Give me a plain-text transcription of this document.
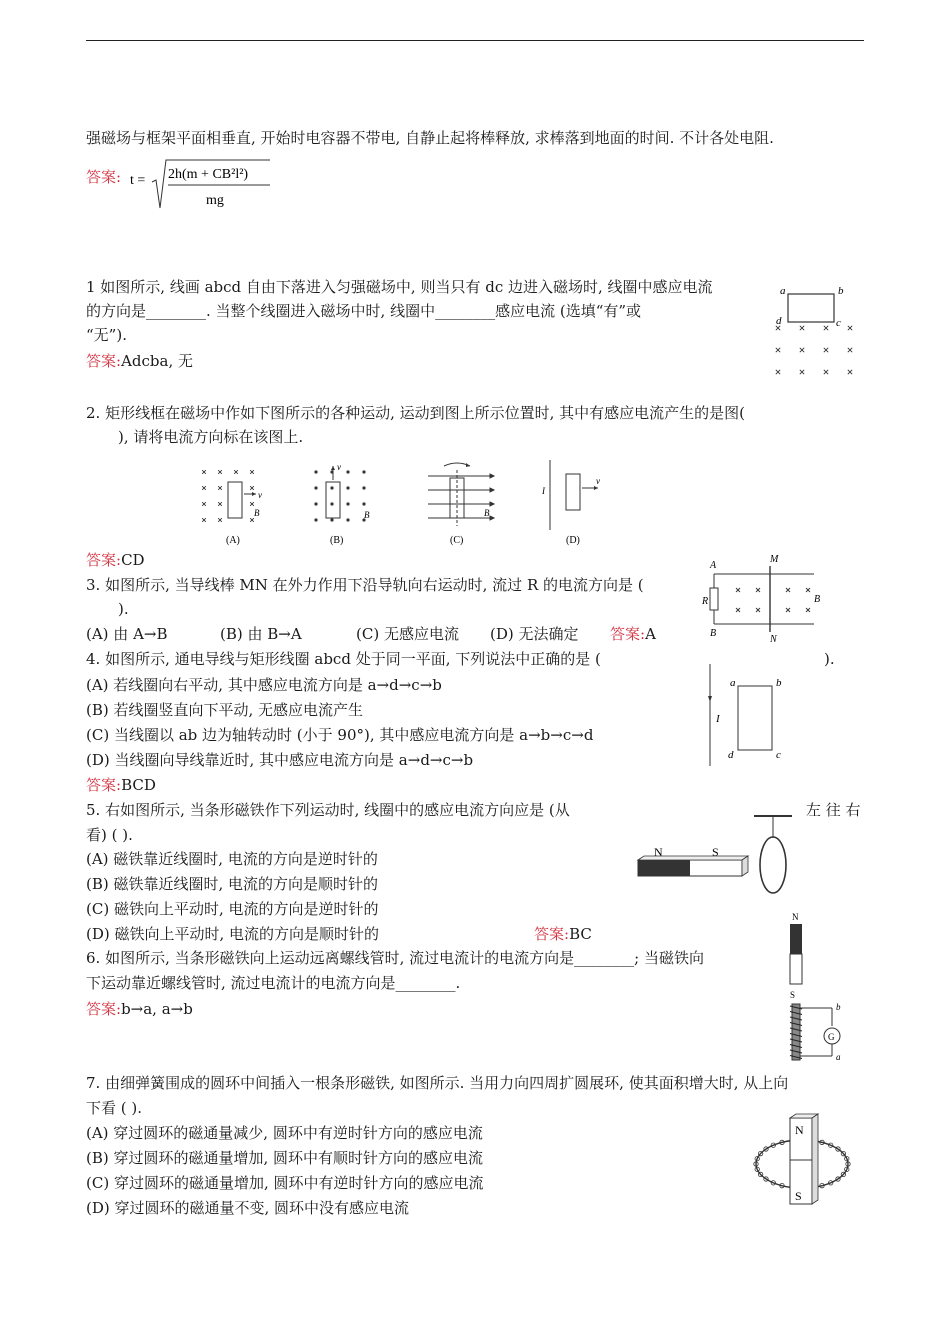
强磁场与框架平面相垂直, 开始时电容器不带电, 自静止起将棒释放, 求棒落到地面的时间. 不计各处电阻.
答案: t = 2h(m + CB²l²)
mg
1 如图所示, 线画 abcd 自由下落进入匀强磁场中, 则当只有 dc 边进入磁场时, 线圈中感应电流
的方向是________. 当整个线圈进入磁场中时, 线圈中________感应电流 (选填“有”或
“无”).
答案:Adcba, 无
a	b
c
d
2. 矩形线框在磁场中作如下图所示的各种运动, 运动到图上所示位置时, 其中有感应电流产生的是图(
), 请将电流方向标在该图上.
v
B
(A)
v
B
(B)
B
(C)
I
v
(D)
答案:CD
3. 如图所示, 当导线棒 MN 在外力作用下沿导轨向右运动时, 流过 R 的电流方向是 (
).
(A) 由 A→B	(B) 由 B→A	(C) 无感应电流 (D) 无法确定 答案:A
A
R
B
M
N
B
4. 如图所示, 通电导线与矩形线圈 abcd 处于同一平面, 下列说法中正确的是 (	).
(A) 若线圈向右平动, 其中感应电流方向是 a→d→c→b
(B) 若线圈竖直向下平动, 无感应电流产生
(C) 当线圈以 ab 边为轴转动时 (小于 90°), 其中感应电流方向是 a→b→c→d
(D) 当线圈向导线靠近时, 其中感应电流方向是 a→d→c→b
答案:BCD
I
a	b
c
d
5. 右如图所示, 当条形磁铁作下列运动时, 线圈中的感应电流方向应是 (从	左 往 右
看) ( ).
(A) 磁铁靠近线圈时, 电流的方向是逆时针的
(B) 磁铁靠近线圈时, 电流的方向是顺时针的
(C) 磁铁向上平动时, 电流的方向是逆时针的
(D) 磁铁向上平动时, 电流的方向是顺时针的	答案:BC
N	S
6. 如图所示, 当条形磁铁向上运动远离螺线管时, 流过电流计的电流方向是________; 当磁铁向
下运动靠近螺线管时, 流过电流计的电流方向是________.
答案:b→a, a→b
N
S
G
b
a
7. 由细弹簧围成的圆环中间插入一根条形磁铁, 如图所示. 当用力向四周扩圆展环, 使其面积增大时, 从上向
下看 ( ).
(A) 穿过圆环的磁通量减少, 圆环中有逆时针方向的感应电流
(B) 穿过圆环的磁通量增加, 圆环中有顺时针方向的感应电流
(C) 穿过圆环的磁通量增加, 圆环中有逆时针方向的感应电流
(D) 穿过圆环的磁通量不变, 圆环中没有感应电流
N
S
